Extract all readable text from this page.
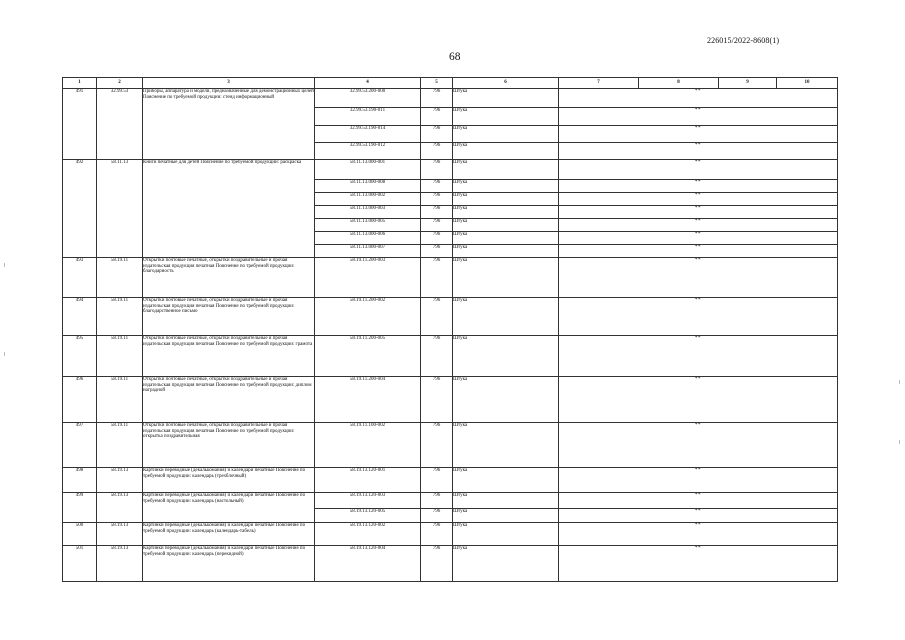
226015/2022-8608(1)
68
1	2	3	4	5	6	7	8	9	10
491	32.99.53	Приборы, аппаратура и модели, предназначенные для демонстрационных целей Пояснение по требуемой продукции: стенд информационный	32.99.53.200-000	796	Штука	**			
			32.99.53.190-011	796	Штука	**			
			32.99.53.190-014	796	Штука	**			
			32.99.53.190-012	796	Штука	**			
492	58.11.13	Книги печатные для детей Пояснение по требуемой продукции: раскраска	58.11.13.000-001	796	Штука	**			
			58.11.13.000-008	796	Штука	**			
			58.11.13.000-002	796	Штука	**			
			58.11.13.000-003	796	Штука	**			
			58.11.13.000-005	796	Штука	**			
			58.11.13.000-006	796	Штука	**			
			58.11.13.000-007	796	Штука	**			
493	58.19.11	Открытки почтовые печатные, открытки поздравительные и прочая издательская продукция печатная Пояснение по требуемой продукции: благодарность	58.19.11.200-003	796	Штука	**			
494	58.19.11	Открытки почтовые печатные, открытки поздравительные и прочая издательская продукция печатная Пояснение по требуемой продукции: благодарственное письмо	58.19.11.200-002	796	Штука	**			
495	58.19.11	Открытки почтовые печатные, открытки поздравительные и прочая издательская продукция печатная Пояснение по требуемой продукции: грамота	58.19.11.200-005	796	Штука	**			
496	58.19.11	Открытки почтовые печатные, открытки поздравительные и прочая издательская продукция печатная Пояснение по требуемой продукции: диплом наградной	58.19.11.200-004	796	Штука	**			
497	58.19.11	Открытки почтовые печатные, открытки поздравительные и прочая издательская продукция печатная Пояснение по требуемой продукции: открытка поздравительная	58.19.11.100-002	796	Штука	**			
498	58.19.13	Картинки переводные (декалькомания) и календари печатные Пояснение по требуемой продукции: календарь (трехблочный)	58.19.13.120-001	796	Штука	**			
499	58.19.13	Картинки переводные (декалькомания) и календари печатные Пояснение по требуемой продукции: календарь (настольный)	58.19.13.120-003	796	Штука	**			
			58.19.13.120-005	796	Штука	**			
500	58.19.13	Картинки переводные (декалькомания) и календари печатные Пояснение по требуемой продукции: календарь (календарь-табель)	58.19.13.120-002	796	Штука	**			
501	58.19.13	Картинки переводные (декалькомания) и календари печатные Пояснение по требуемой продукции: календарь (перекидной)	58.19.13.120-004	796	Штука	**			
